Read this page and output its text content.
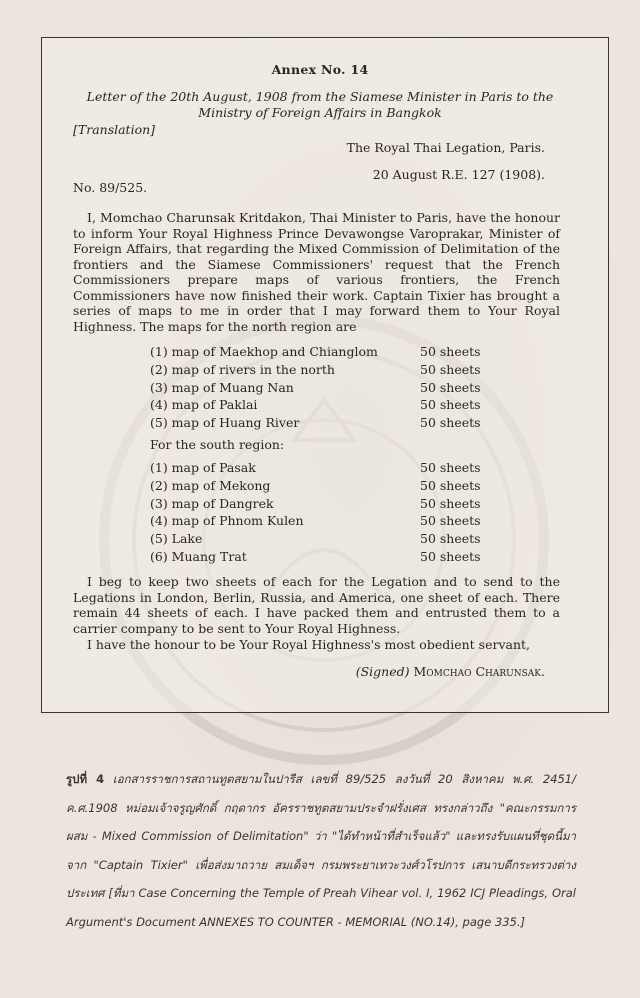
Annex No. 14
Letter of the 20th August, 1908 from the Siamese Minister in Paris to the
Ministry of Foreign Affairs in Bangkok
[Translation]
The Royal Thai Legation, Paris.
20 August R.E. 127 (1908).
No. 89/525.
I, Momchao Charunsak Kritdakon, Thai Minister to Paris, have the honour to inform Your Royal Highness Prince Devawongse Varoprakar, Minister of Foreign Affairs, that regarding the Mixed Commission of Delimitation of the frontiers and the Siamese Commissioners' request that the French Commissioners prepare maps of various frontiers, the French Commissioners have now finished their work. Captain Tixier has brought a series of maps to me in order that I may forward them to Your Royal Highness. The maps for the north region are
(1) map of Maekhop and Chianglom	50 sheets
(2) map of rivers in the north	50 sheets
(3) map of Muang Nan	50 sheets
(4) map of Paklai	50 sheets
(5) map of Huang River	50 sheets
For the south region:
(1) map of Pasak	50 sheets
(2) map of Mekong	50 sheets
(3) map of Dangrek	50 sheets
(4) map of Phnom Kulen	50 sheets
(5) Lake	50 sheets
(6) Muang Trat	50 sheets
I beg to keep two sheets of each for the Legation and to send to the Legations in London, Berlin, Russia, and America, one sheet of each. There remain 44 sheets of each. I have packed them and entrusted them to a carrier company to be sent to Your Royal Highness.
I have the honour to be Your Royal Highness's most obedient servant,
(Signed) Momchao Charunsak.
รูปที่ 4 เอกสารราชการสถานทูตสยามในปารีส เลขที่ 89/525 ลงวันที่ 20 สิงหาคม พ.ศ. 2451/ค.ศ.1908 หม่อมเจ้าจรูญศักดิ์ กฤดากร อัครราชทูตสยามประจำฝรั่งเศส ทรงกล่าวถึง "คณะกรรมการผสม - Mixed Commission of Delimitation" ว่า "ได้ทำหน้าที่สำเร็จแล้ว" และทรงรับแผนที่ชุดนี้มาจาก "Captain Tixier" เพื่อส่งมาถวาย สมเด็จฯ กรมพระยาเทวะวงศ์วโรปการ เสนาบดีกระทรวงต่างประเทศ [ที่มา Case Concerning the Temple of Preah Vihear vol. I, 1962 ICJ Pleadings, Oral Argument's Document ANNEXES TO COUNTER - MEMORIAL (NO.14), page 335.]
